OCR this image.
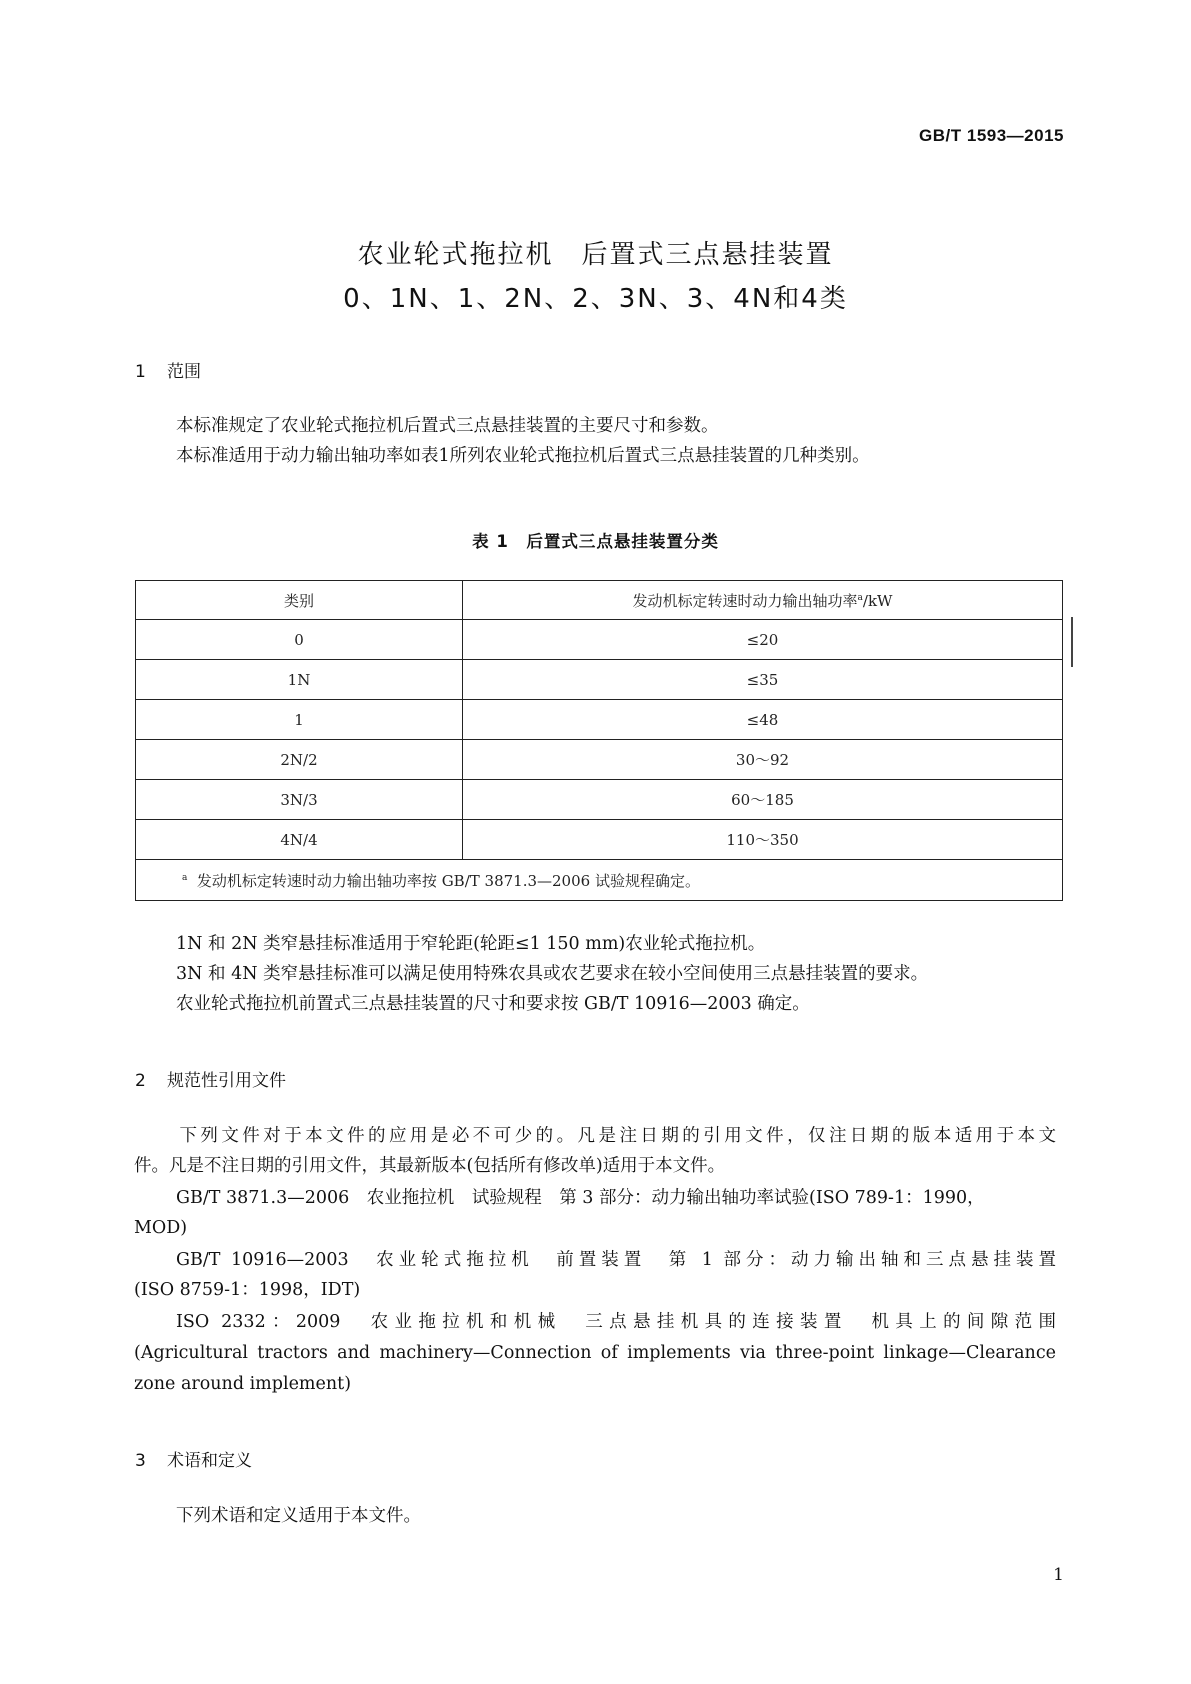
GB/T 1593—2015
农业轮式拖拉机　后置式三点悬挂装置
0、1N、1、2N、2、3N、3、4N和4类
1 范围
本标准规定了农业轮式拖拉机后置式三点悬挂装置的主要尺寸和参数。
本标准适用于动力输出轴功率如表1所列农业轮式拖拉机后置式三点悬挂装置的几种类别。
表 1　后置式三点悬挂装置分类
类别	发动机标定转速时动力输出轴功率$^a$/kW
0	≤20
1N	≤35
1	≤48
2N/2	30～92
3N/3	60～185
4N/4	110～350
$^a$ 发动机标定转速时动力输出轴功率按 GB/T 3871.3—2006 试验规程确定。	
1N 和 2N 类窄悬挂标准适用于窄轮距(轮距≤1 150 mm)农业轮式拖拉机。
3N 和 4N 类窄悬挂标准可以满足使用特殊农具或农艺要求在较小空间使用三点悬挂装置的要求。
农业轮式拖拉机前置式三点悬挂装置的尺寸和要求按 GB/T 10916—2003 确定。
2 规范性引用文件
下列文件对于本文件的应用是必不可少的。凡是注日期的引用文件，仅注日期的版本适用于本文
件。凡是不注日期的引用文件，其最新版本(包括所有修改单)适用于本文件。
GB/T 3871.3—2006　农业拖拉机　试验规程　第 3 部分：动力输出轴功率试验(ISO 789-1：1990，
MOD)
GB/T 10916—2003　农业轮式拖拉机　前置装置　第 1 部分：动力输出轴和三点悬挂装置
(ISO 8759-1：1998，IDT)
ISO 2332：2009　农业拖拉机和机械　三点悬挂机具的连接装置　机具上的间隙范围
(Agricultural tractors and machinery—Connection of implements via three-point linkage—Clearance
zone around implement)
3 术语和定义
下列术语和定义适用于本文件。
1
